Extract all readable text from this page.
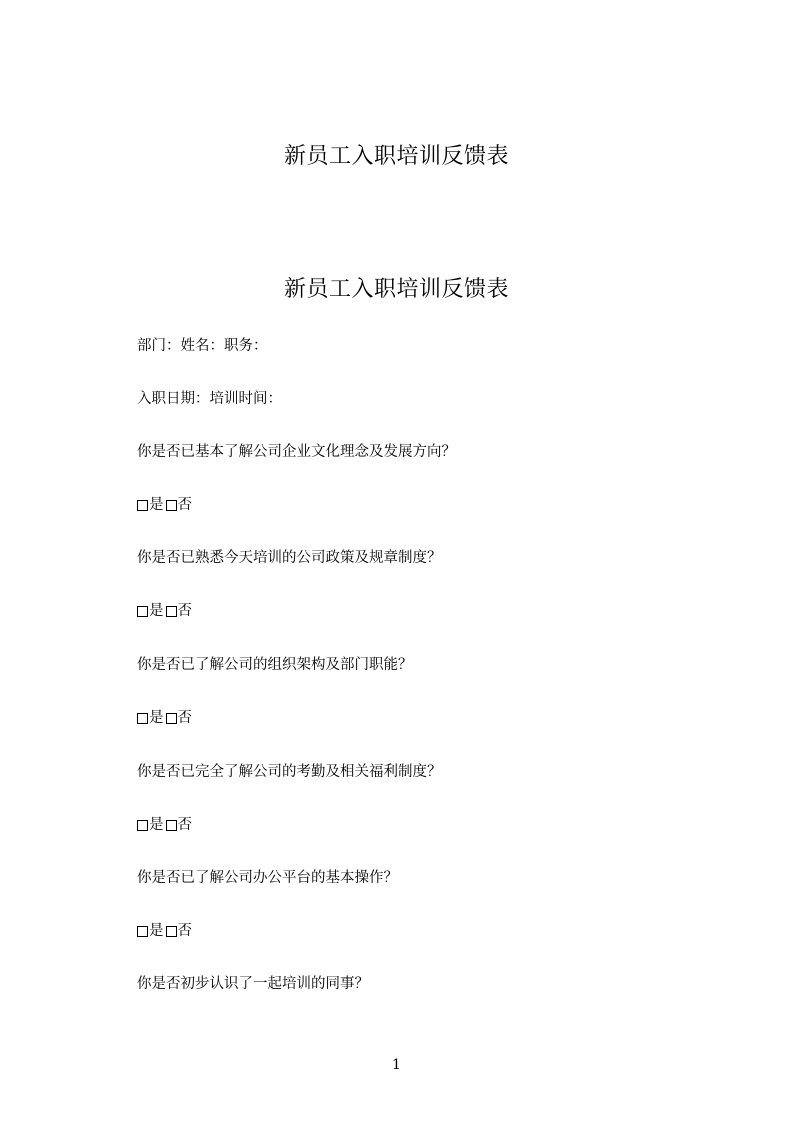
新员工入职培训反馈表
新员工入职培训反馈表
部门：姓名：职务：
入职日期：培训时间：
你是否已基本了解公司企业文化理念及发展方向？
是 否
你是否已熟悉今天培训的公司政策及规章制度？
是 否
你是否已了解公司的组织架构及部门职能？
是 否
你是否已完全了解公司的考勤及相关福利制度？
是 否
你是否已了解公司办公平台的基本操作？
是 否
你是否初步认识了一起培训的同事？
1
